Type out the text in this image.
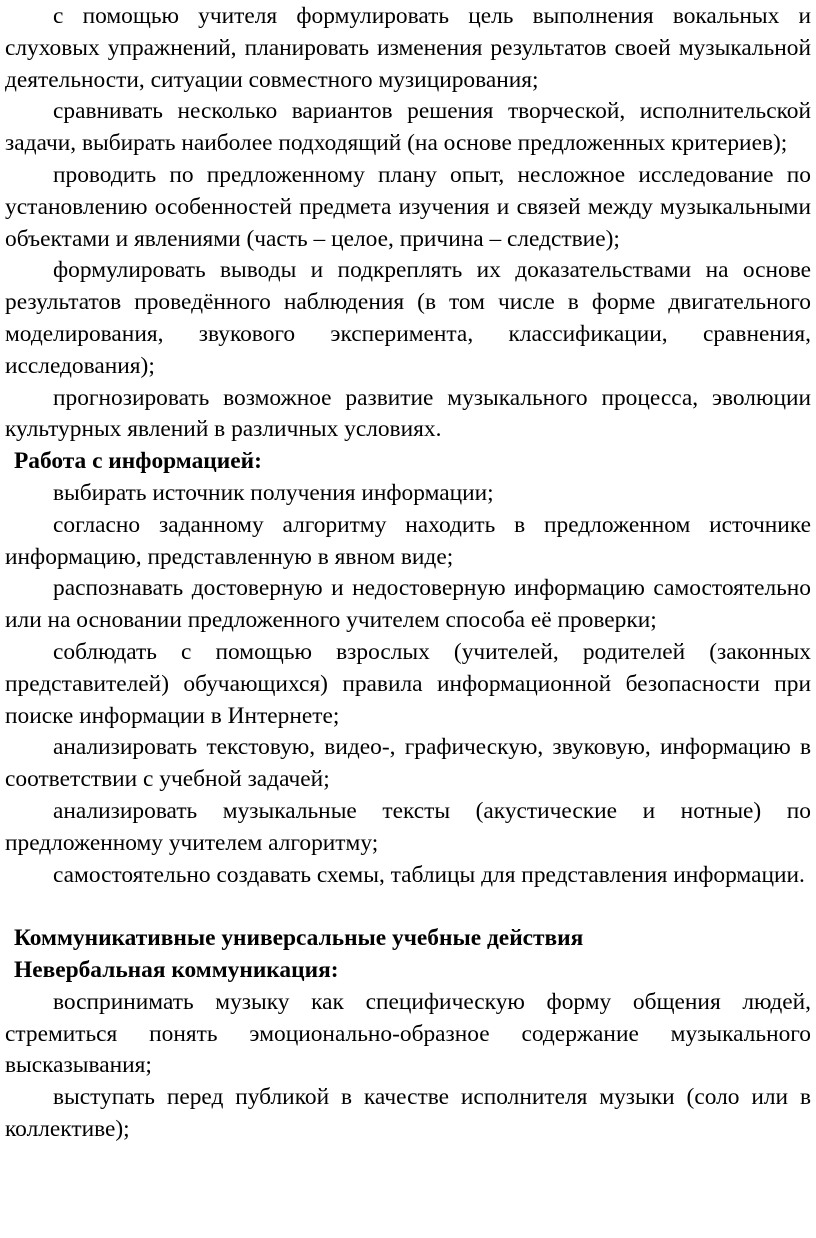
с помощью учителя формулировать цель выполнения вокальных и слуховых упражнений, планировать изменения результатов своей музыкальной деятельности, ситуации совместного музицирования;

сравнивать несколько вариантов решения творческой, исполнительской задачи, выбирать наиболее подходящий (на основе предложенных критериев);

проводить по предложенному плану опыт, несложное исследование по установлению особенностей предмета изучения и связей между музыкальными объектами и явлениями (часть – целое, причина – следствие);

формулировать выводы и подкреплять их доказательствами на основе результатов проведённого наблюдения (в том числе в форме двигательного моделирования, звукового эксперимента, классификации, сравнения, исследования);

прогнозировать возможное развитие музыкального процесса, эволюции культурных явлений в различных условиях.

Работа с информацией:

выбирать источник получения информации;

согласно заданному алгоритму находить в предложенном источнике информацию, представленную в явном виде;

распознавать достоверную и недостоверную информацию самостоятельно или на основании предложенного учителем способа её проверки;

соблюдать с помощью взрослых (учителей, родителей (законных представителей) обучающихся) правила информационной безопасности при поиске информации в Интернете;

анализировать текстовую, видео-, графическую, звуковую, информацию в соответствии с учебной задачей;

анализировать музыкальные тексты (акустические и нотные) по предложенному учителем алгоритму;

самостоятельно создавать схемы, таблицы для представления информации.

Коммуникативные универсальные учебные действия

Невербальная коммуникация:

воспринимать музыку как специфическую форму общения людей, стремиться понять эмоционально-образное содержание музыкального высказывания;

выступать перед публикой в качестве исполнителя музыки (соло или в коллективе);
